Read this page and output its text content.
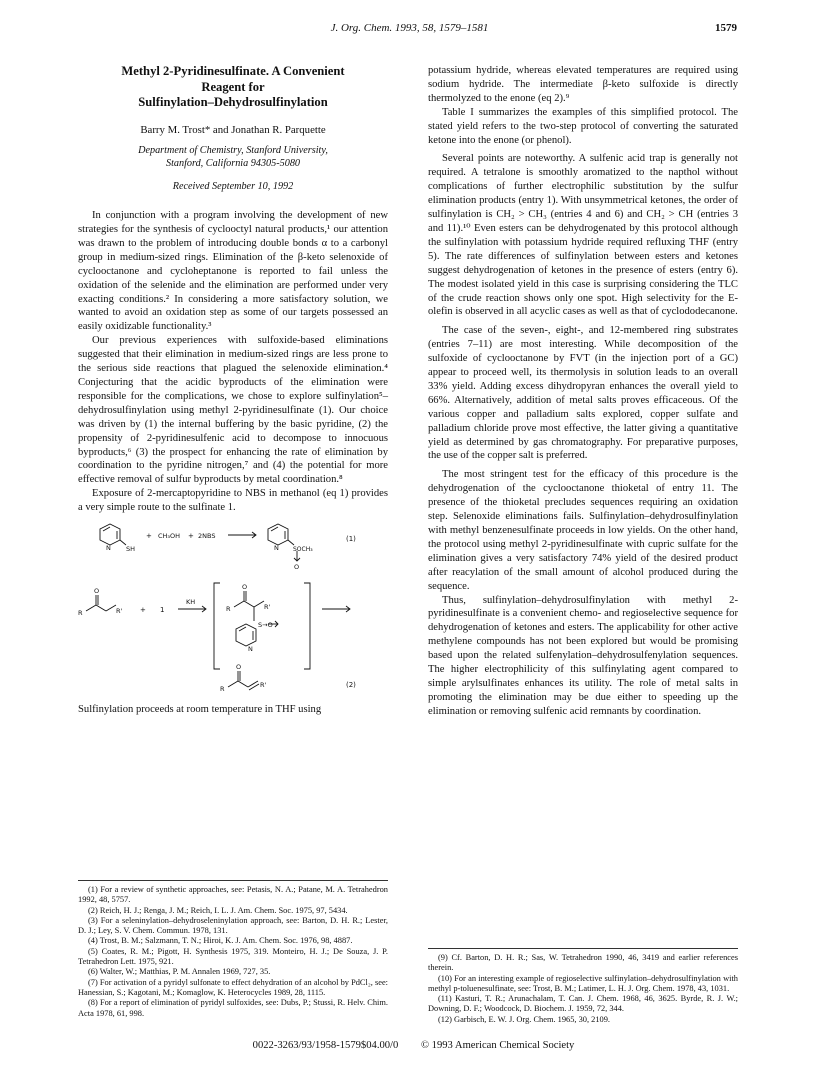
J. Org. Chem. 1993, 58, 1579–1581	1579
Methyl 2-Pyridinesulfinate. A Convenient
Reagent for
Sulfinylation–Dehydrosulfinylation
Barry M. Trost* and Jonathan R. Parquette
Department of Chemistry, Stanford University,
Stanford, California 94305-5080
Received September 10, 1992

In conjunction with a program involving the development of new strategies for the synthesis of cyclooctyl natural products,¹ our attention was drawn to the problem of introducing double bonds α to a carbonyl group in medium-sized rings. Elimination of the β-keto selenoxide of cyclooctanone and cycloheptanone is reported to fail unless the oxidation of the selenide and the elimination are performed under very exacting conditions.² In considering a more satisfactory solution, we wanted to avoid an oxidation step as some of our targets possessed an easily oxidizable functionality.³

Our previous experiences with sulfoxide-based eliminations suggested that their elimination in medium-sized rings are less prone to the serious side reactions that plagued the selenoxide elimination.⁴ Conjecturing that the acidic byproducts of the elimination were responsible for the complications, we chose to explore sulfinylation⁵–dehydrosulfinylation using methyl 2-pyridinesulfinate (1). Our choice was driven by (1) the internal buffering by the basic pyridine, (2) the propensity of 2-pyridinesulfenic acid to decompose to innocuous byproducts,⁶ (3) the prospect for enhancing the rate of elimination by coordination to the pyridine nitrogen,⁷ and (4) the potential for more effective removal of sulfur byproducts by metal coordination.⁸

Exposure of 2-mercaptopyridine to NBS in methanol (eq 1) provides a very simple route to the sulfinate 1.

N SH
+ CH₃OH + 2NBS
N SOCH₃
O
(1)
O
R	R'	+ 1
KH
O
R	R'
S→O
N
O
R	R'	(2)

Sulfinylation proceeds at room temperature in THF using

potassium hydride, whereas elevated temperatures are required using sodium hydride. The intermediate β-keto sulfoxide is directly thermolyzed to the enone (eq 2).⁹

Table I summarizes the examples of this simplified protocol. The stated yield refers to the two-step protocol of converting the saturated ketone into the enone (or phenol).

Several points are noteworthy. A sulfenic acid trap is generally not required. A tetralone is smoothly aromatized to the napthol without complications of further electrophilic substitution by the sulfur elimination products (entry 1). With unsymmetrical ketones, the order of sulfinylation is CH₂ > CH₃ (entries 4 and 6) and CH₂ > CH (entries 3 and 11).¹⁰ Even esters can be dehydrogenated by this protocol although the sulfinylation with potassium hydride required refluxing THF (entry 5). The rate differences of sulfinylation between esters and ketones suggest dehydrogenation of ketones in the presence of esters (entry 6). The modest isolated yield in this case is surprising considering the TLC of the crude reaction shows only one spot. High selectivity for the E-olefin is observed in all acyclic cases as well as that of cyclododecanone.

The case of the seven-, eight-, and 12-membered ring substrates (entries 7–11) are most interesting. While decomposition of the sulfoxide of cyclooctanone by FVT (in the injection port of a GC) appear to proceed well, its thermolysis in solution leads to an overall 33% yield. Adding excess dihydropyran enhances the overall yield to 66%. Alternatively, addition of metal salts proves efficaceous. Of the various copper and palladium salts explored, copper sulfate and palladium chloride prove most effective, the latter giving a quantitative yield as determined by gas chromatography. For preparative purposes, the use of the copper salt is preferred.

The most stringent test for the efficacy of this procedure is the dehydrogenation of the cyclooctanone thioketal of entry 11. The presence of the thioketal precludes sequences requiring an oxidation step. Selenoxide eliminations fails. Sulfinylation–dehydrosulfinylation with methyl benzenesulfinate proceeds in low yields. On the other hand, the protocol using methyl 2-pyridinesulfinate with cupric sulfate for the elimination gives a very satisfactory 74% yield of the desired product after reacylation of the small amount of alcohol produced during the sequence.

Thus, sulfinylation–dehydrosulfinylation with methyl 2-pyridinesulfinate is a convenient chemo- and regioselective sequence for dehydrogenation of ketones and esters. The applicability for other active methylene compounds has not been explored but would be promising based upon the related sulfenylation–dehydrosulfenylation sequences. The higher electrophilicity of this sulfinylating agent compared to simple arylsulfinates enhances its utility. The role of metal salts in promoting the elimination may be due either to speeding up the elimination or removing sulfenic acid remnants by coordination.

(1) For a review of synthetic approaches, see: Petasis, N. A.; Patane, M. A. Tetrahedron 1992, 48, 5757.
(2) Reich, H. J.; Renga, J. M.; Reich, I. L. J. Am. Chem. Soc. 1975, 97, 5434.
(3) For a seleninylation–dehydroseleninylation approach, see: Barton, D. H. R.; Lester, D. J.; Ley, S. V. Chem. Commun. 1978, 131.
(4) Trost, B. M.; Salzmann, T. N.; Hiroi, K. J. Am. Chem. Soc. 1976, 98, 4887.
(5) Coates, R. M.; Pigott, H. Synthesis 1975, 319. Monteiro, H. J.; De Souza, J. P. Tetrahedron Lett. 1975, 921.
(6) Walter, W.; Matthias, P. M. Annalen 1969, 727, 35.
(7) For activation of a pyridyl sulfonate to effect dehydration of an alcohol by PdCl₂, see: Hanessian, S.; Kagotani, M.; Komaglow, K. Heterocycles 1989, 28, 1115.
(8) For a report of elimination of pyridyl sulfoxides, see: Dubs, P.; Stussi, R. Helv. Chim. Acta 1978, 61, 998.
(9) Cf. Barton, D. H. R.; Sas, W. Tetrahedron 1990, 46, 3419 and earlier references therein.
(10) For an interesting example of regioselective sulfinylation–dehydrosulfinylation with methyl p-toluenesulfinate, see: Trost, B. M.; Latimer, L. H. J. Org. Chem. 1978, 43, 1031.
(11) Kasturi, T. R.; Arunachalam, T. Can. J. Chem. 1968, 46, 3625. Byrde, R. J. W.; Downing, D. F.; Woodcock, D. Biochem. J. 1959, 72, 344.
(12) Garbisch, E. W. J. Org. Chem. 1965, 30, 2109.
0022-3263/93/1958-1579$04.00/0 © 1993 American Chemical Society
